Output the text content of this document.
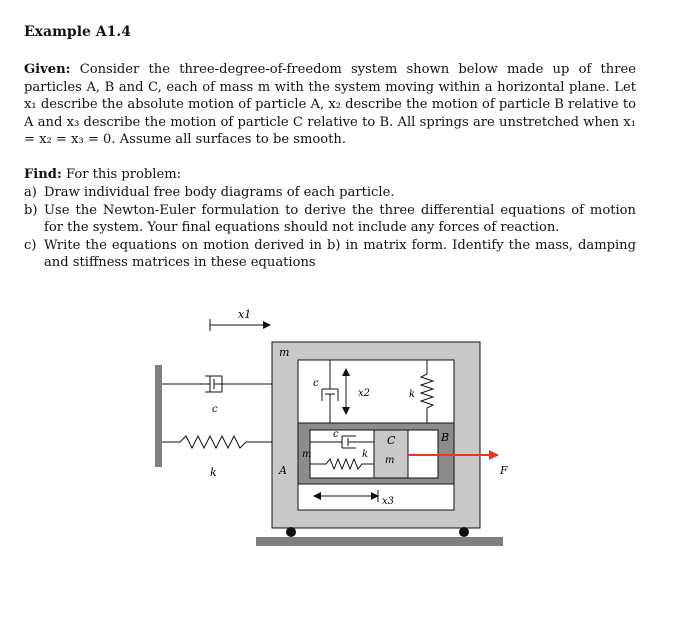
Example A1.4
Given: Consider the three-degree-of-freedom system shown below made up of three particles A, B and C, each of mass m with the system moving within a horizontal plane. Let x₁ describe the absolute motion of particle A, x₂ describe the motion of particle B relative to A and x₃ describe the motion of particle C relative to B. All springs are unstretched when x₁ = x₂ = x₃ = 0. Assume all surfaces to be smooth.
Find: For this problem:
a) Draw individual free body diagrams of each particle.
b) Use the Newton-Euler formulation to derive the three differential equations of motion for the system. Your final equations should not include any forces of reaction.
c) Write the equations on motion derived in b) in matrix form. Identify the mass, damping and stiffness matrices in these equations
x1
c
k
m
A
B
m
c
x2	k
c
k
C
m
x3
F
